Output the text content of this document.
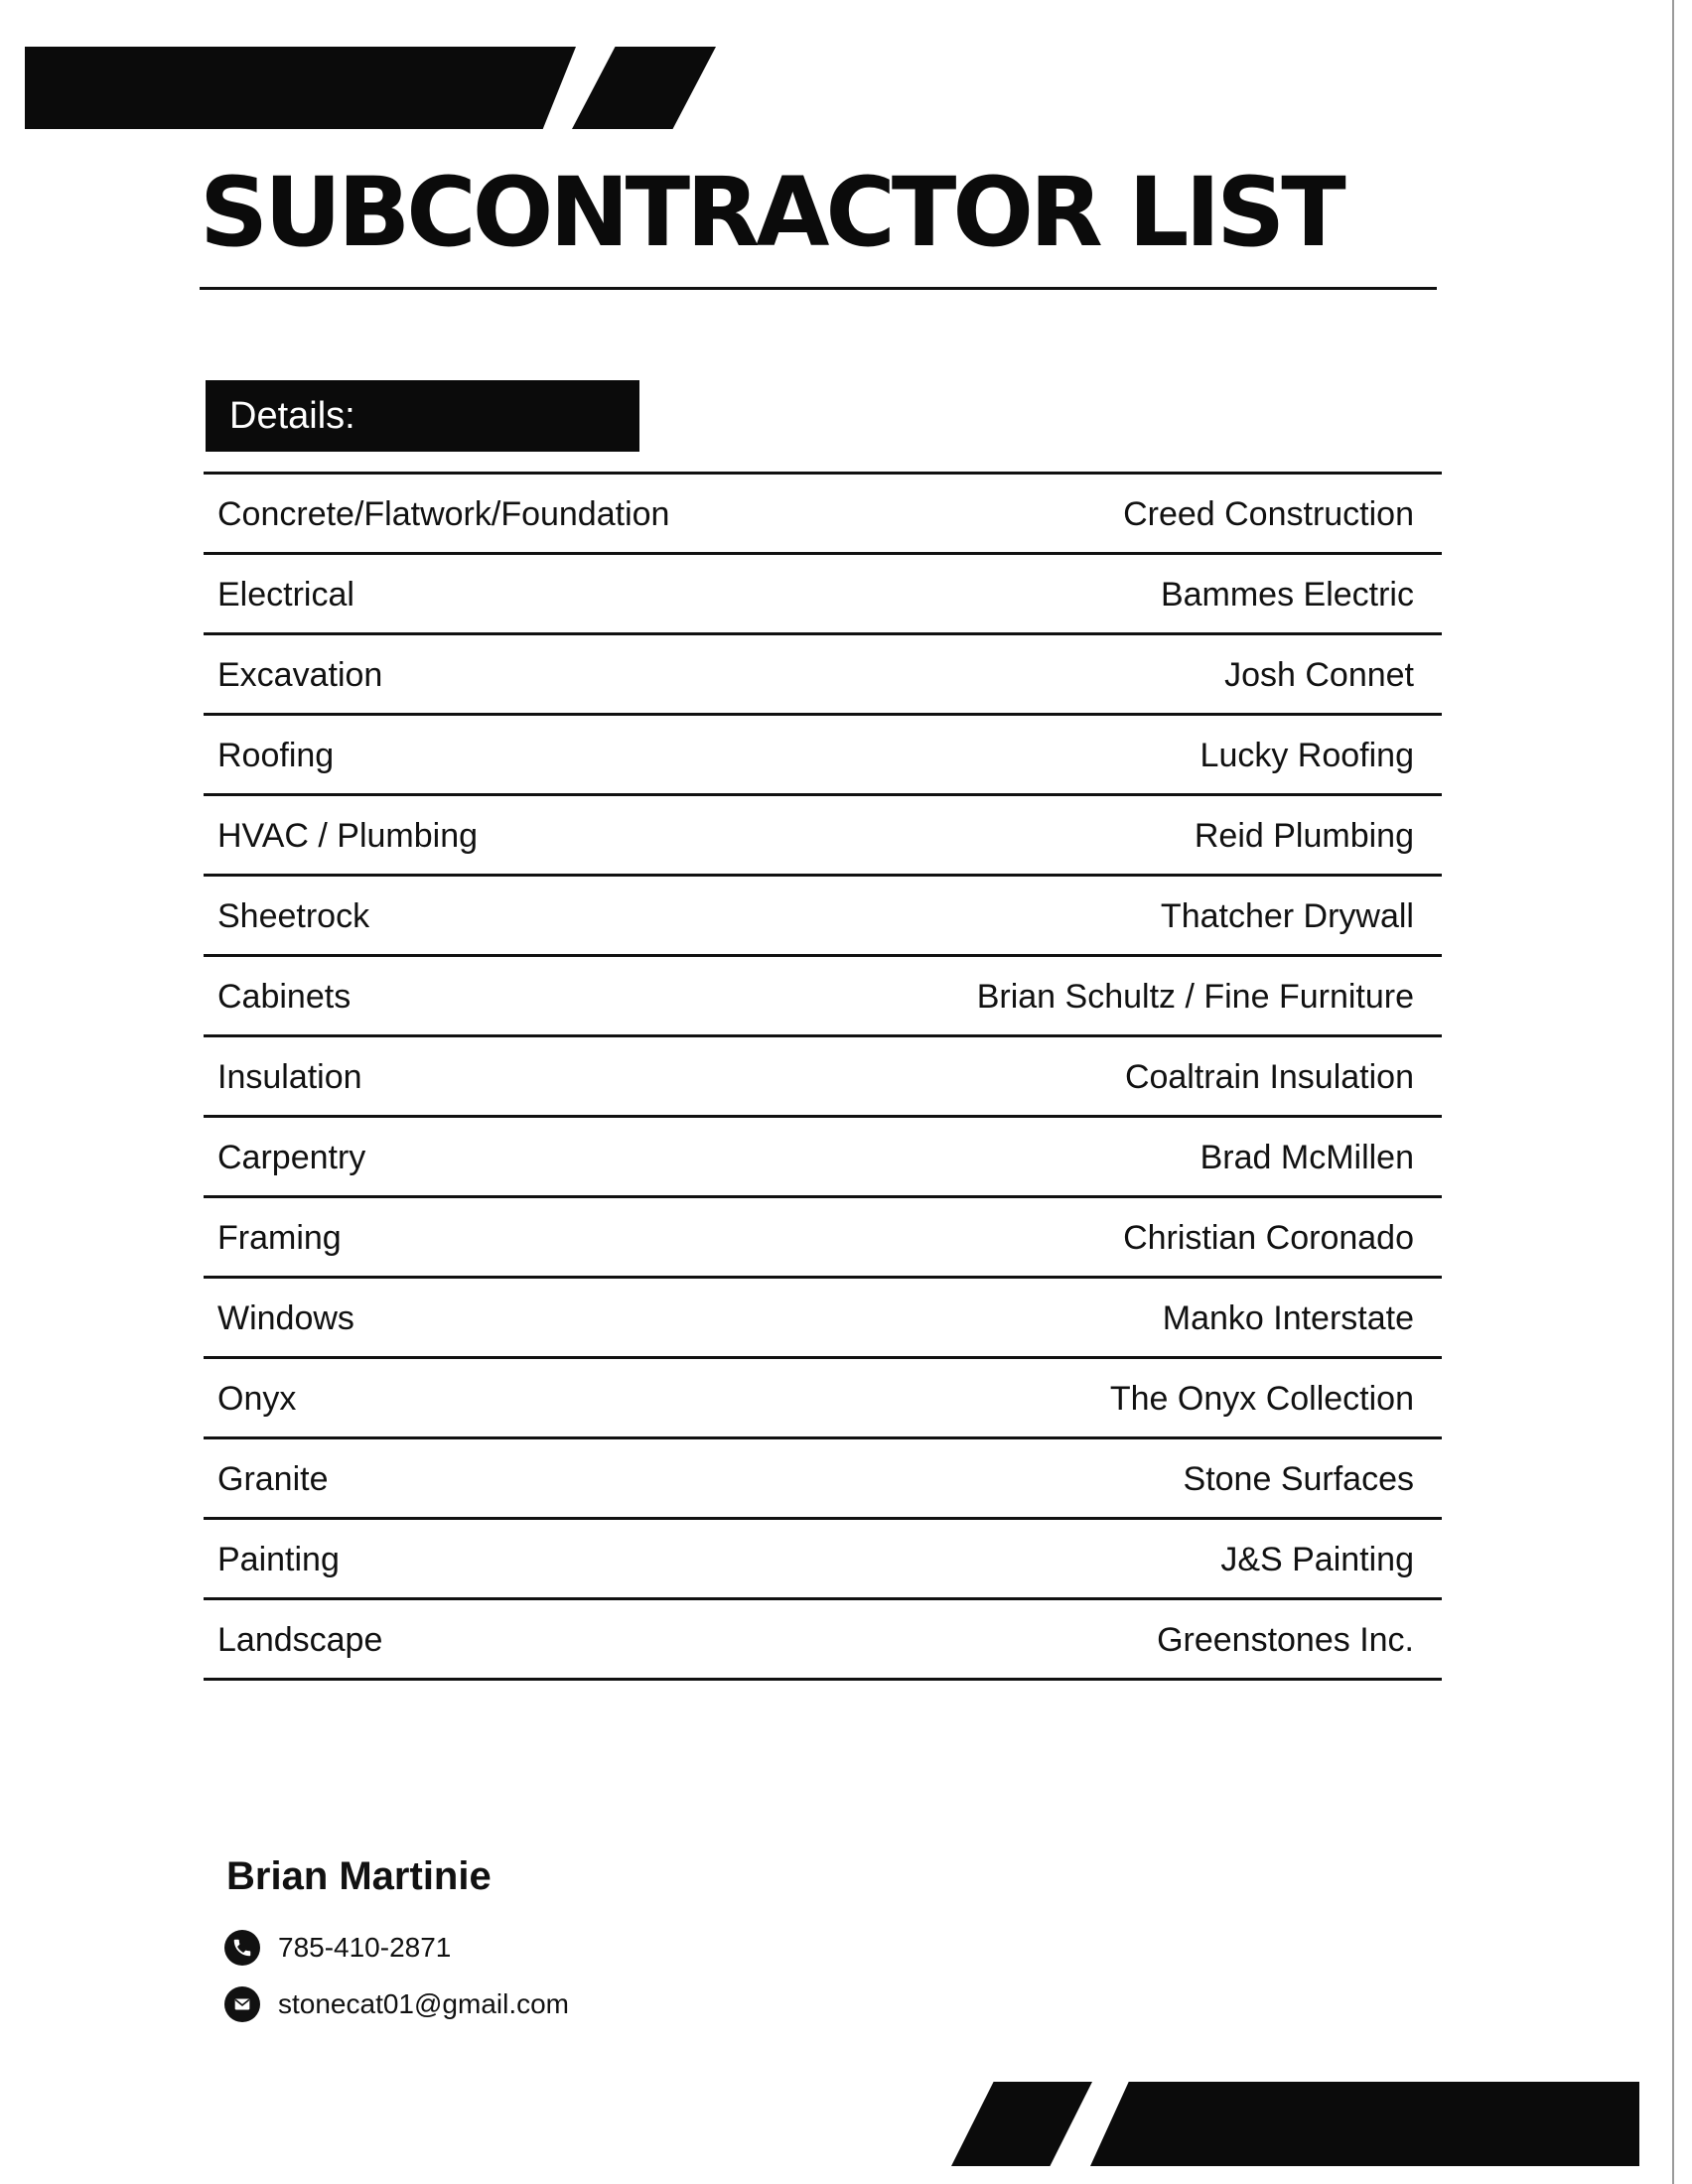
SUBCONTRACTOR LIST
Details:
Concrete/Flatwork/Foundation	Creed Construction
Electrical	Bammes Electric
Excavation	Josh Connet
Roofing	Lucky Roofing
HVAC / Plumbing	Reid Plumbing
Sheetrock	Thatcher Drywall
Cabinets	Brian Schultz / Fine Furniture
Insulation	Coaltrain Insulation
Carpentry	Brad McMillen
Framing	Christian Coronado
Windows	Manko Interstate
Onyx	The Onyx Collection
Granite	Stone Surfaces
Painting	J&S Painting
Landscape	Greenstones Inc.
Brian Martinie
785-410-2871
stonecat01@gmail.com
